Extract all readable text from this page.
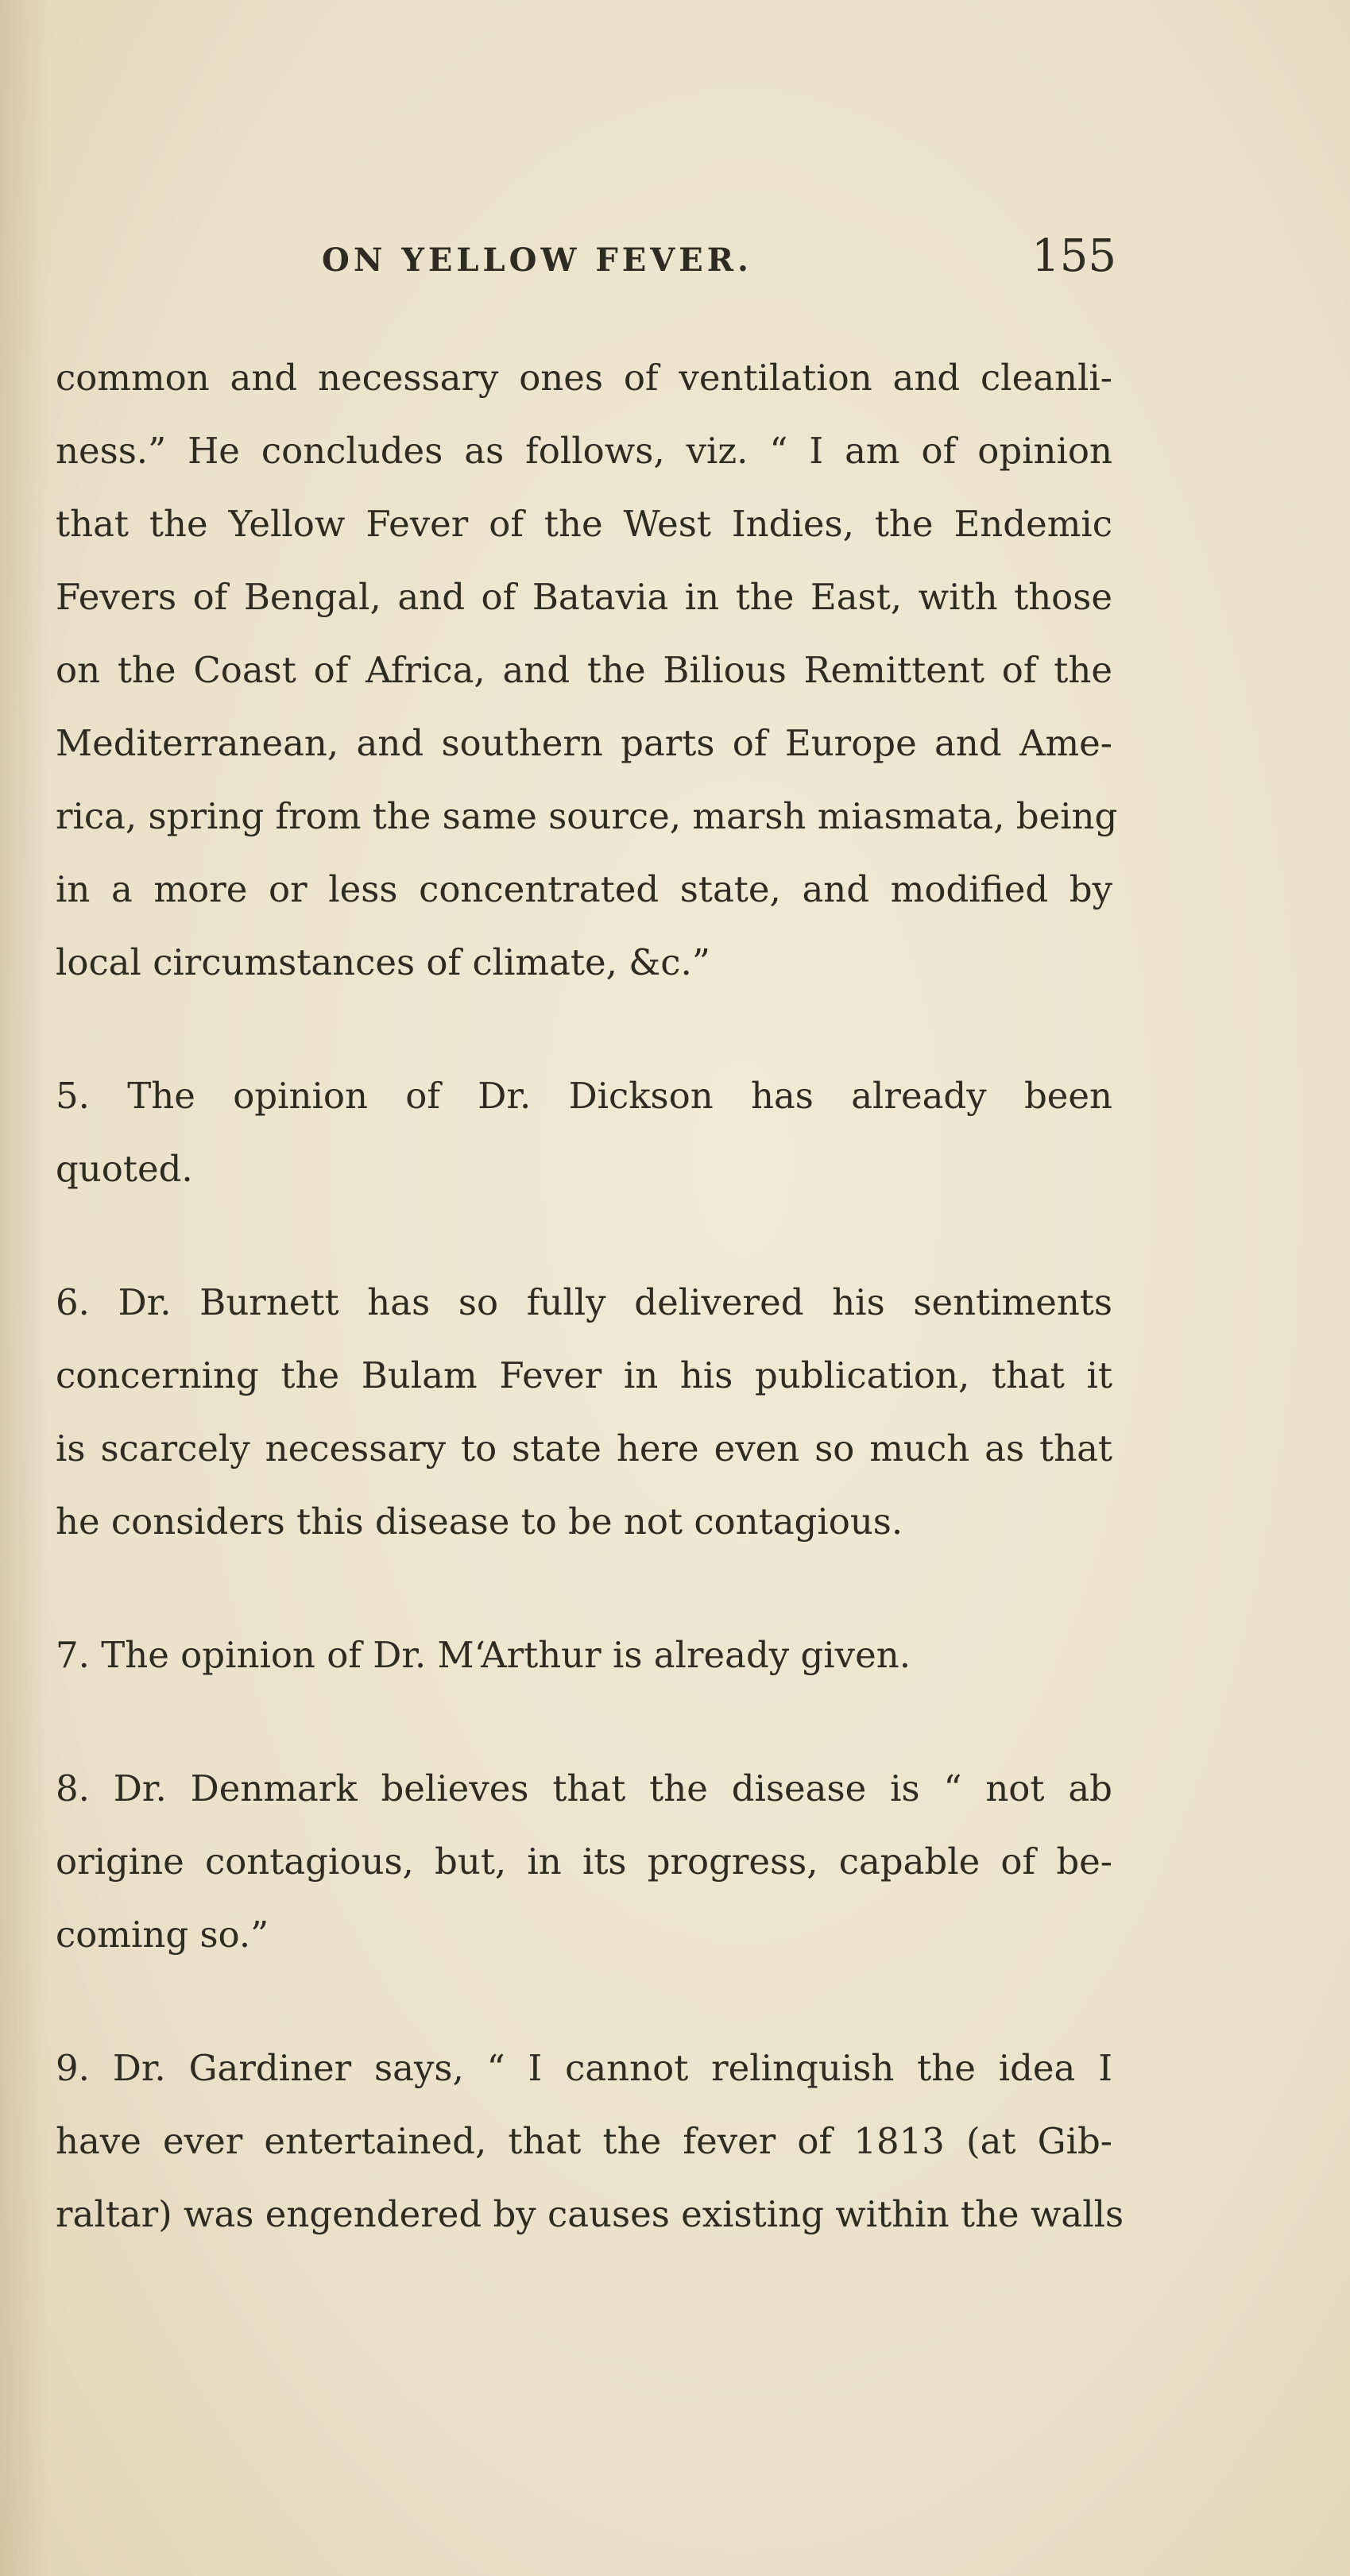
ON YELLOW FEVER.	155
common and necessary ones of ventilation and cleanli-
ness.” He concludes as follows, viz. “ I am of opinion
that the Yellow Fever of the West Indies, the Endemic
Fevers of Bengal, and of Batavia in the East, with those
on the Coast of Africa, and the Bilious Remittent of the
Mediterranean, and southern parts of Europe and Ame-
rica, spring from the same source, marsh miasmata, being
in a more or less concentrated state, and modified by
local circumstances of climate, &c.”
5. The opinion of Dr. Dickson has already been
quoted.
6. Dr. Burnett has so fully delivered his sentiments
concerning the Bulam Fever in his publication, that it
is scarcely necessary to state here even so much as that
he considers this disease to be not contagious.
7. The opinion of Dr. M‘Arthur is already given.
8. Dr. Denmark believes that the disease is “ not ab
origine contagious, but, in its progress, capable of be-
coming so.”
9. Dr. Gardiner says, “ I cannot relinquish the idea I
have ever entertained, that the fever of 1813 (at Gib-
raltar) was engendered by causes existing within the walls
